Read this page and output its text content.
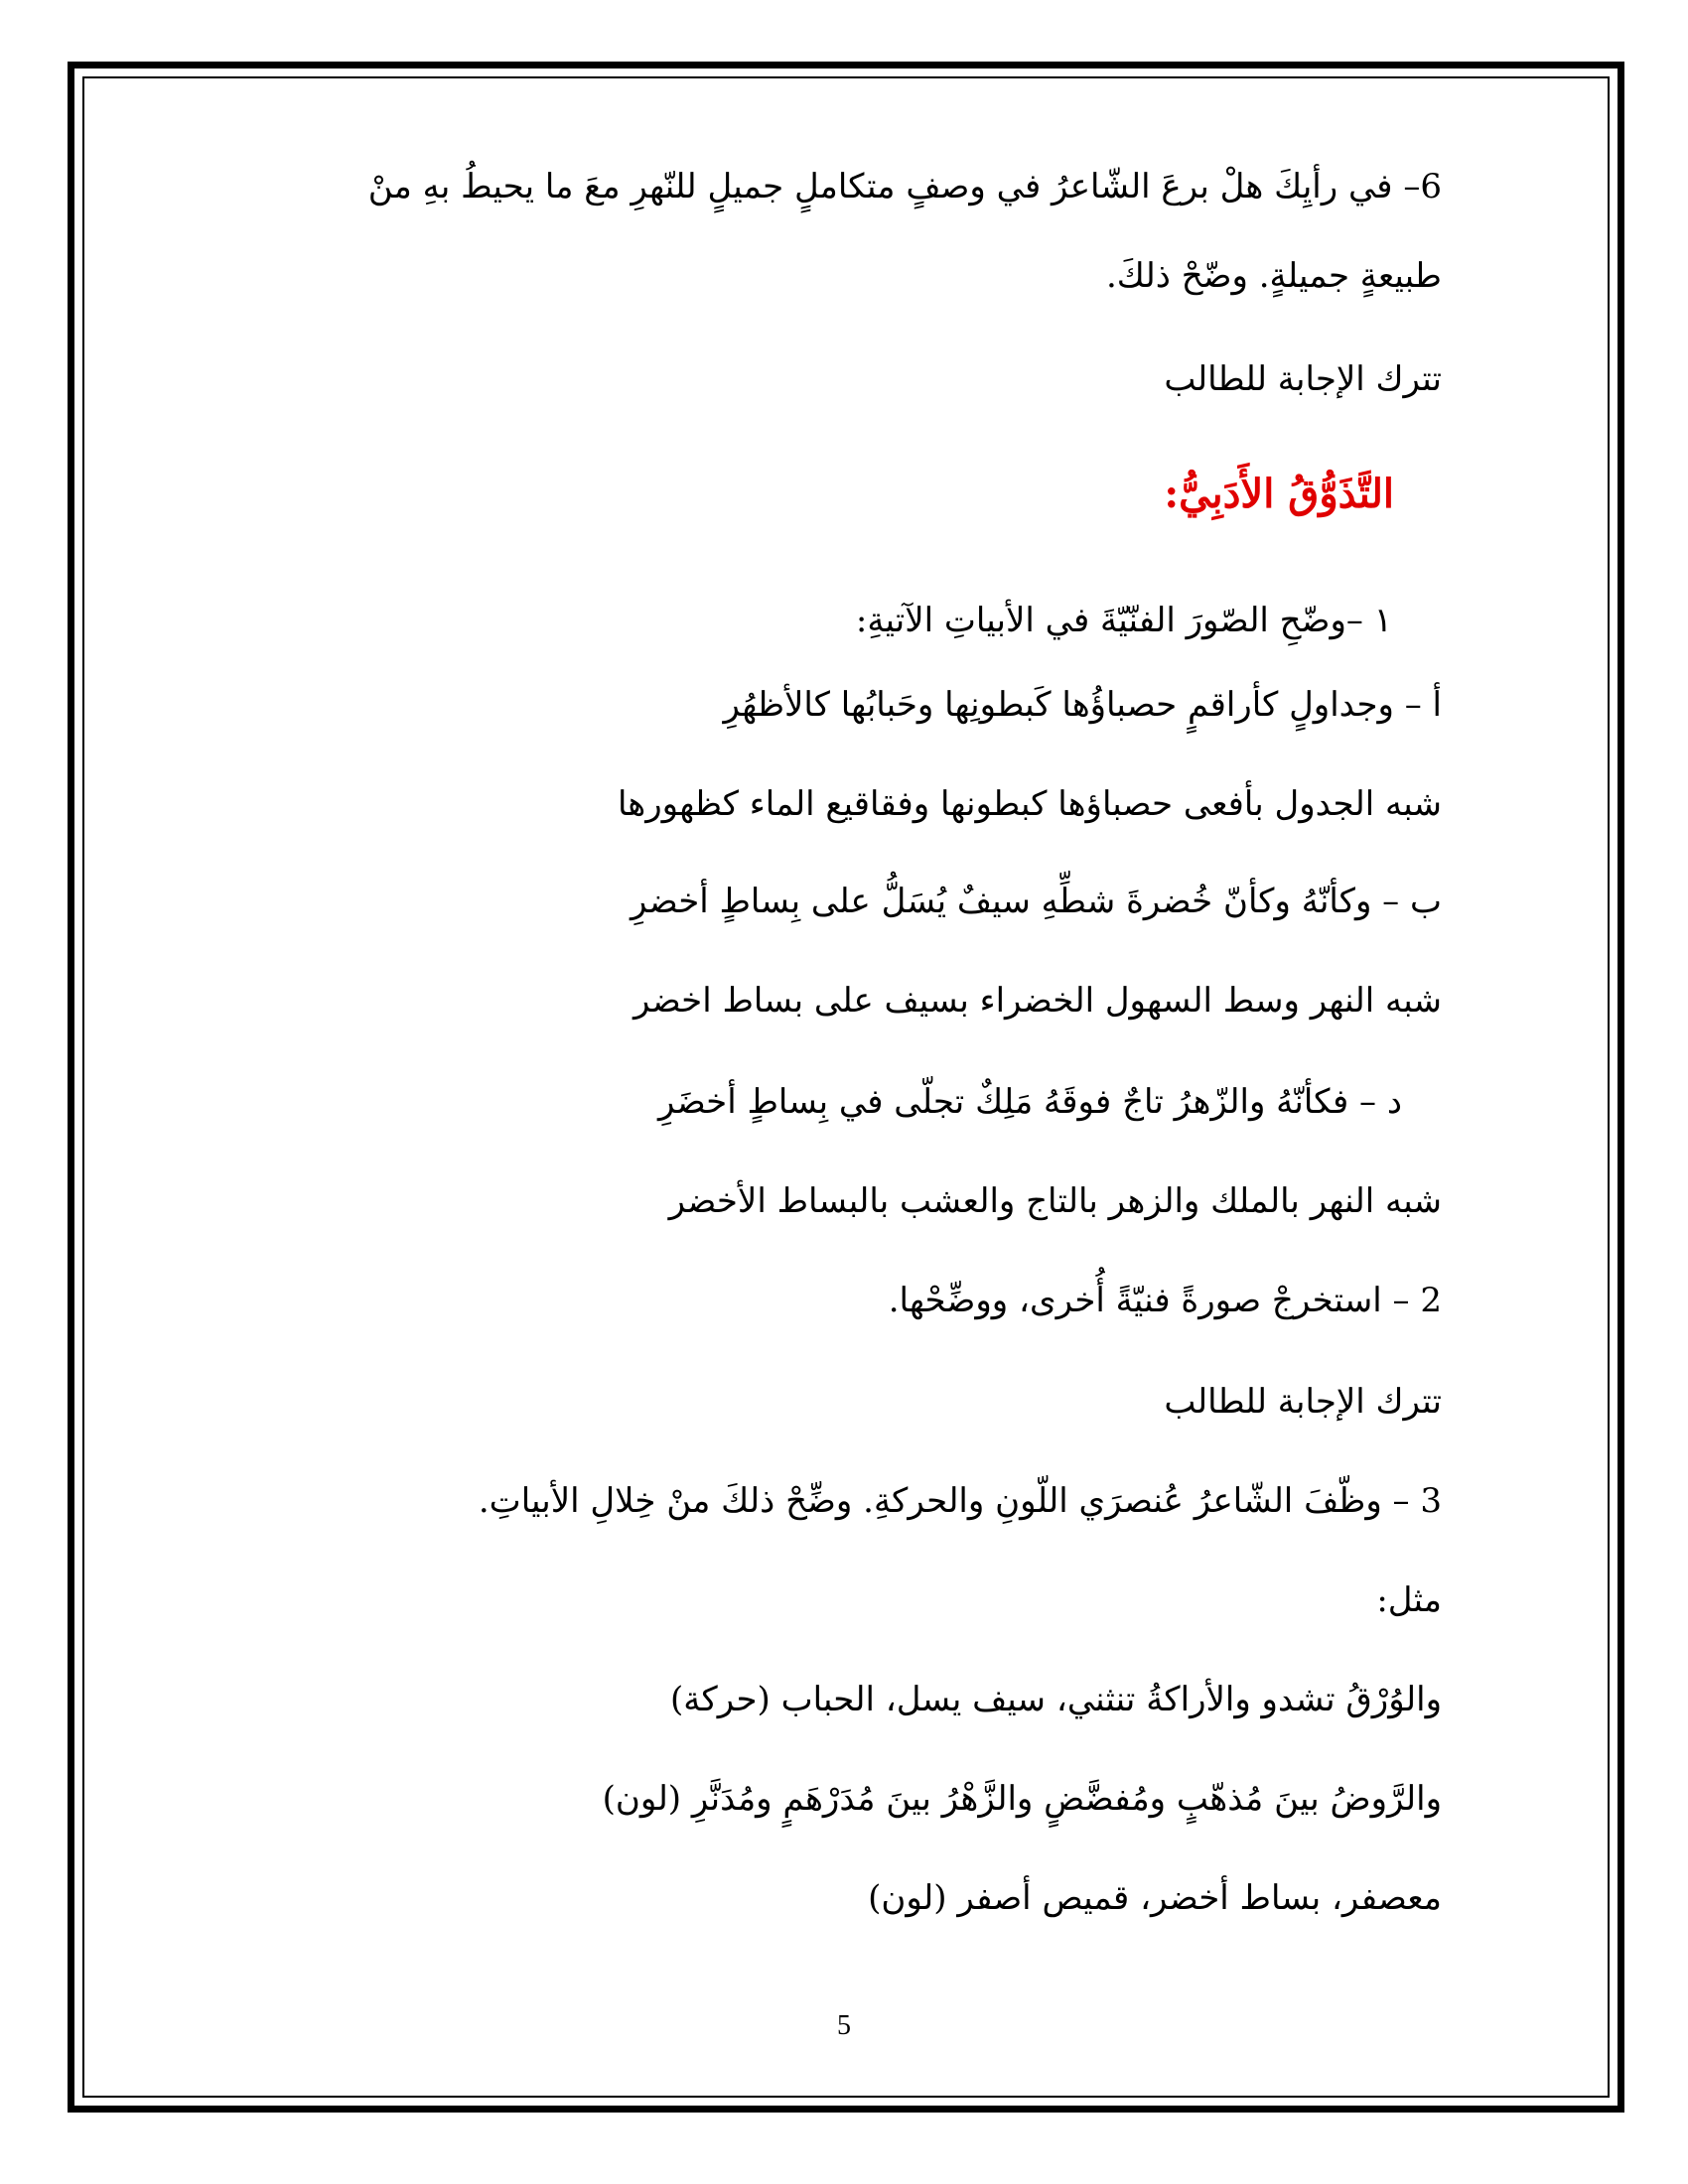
6– في رأيِكَ هلْ برعَ الشّاعرُ في وصفٍ متكاملٍ جميلٍ للنّهرِ معَ ما يحيطُ بهِ منْ

طبيعةٍ جميلةٍ. وضّحْ ذلكَ.

تترك الإجابة للطالب

التَّذَوُّقُ الأَدَبِيُّ:

١ –وضّحِ الصّورَ الفنّيّةَ في الأبياتِ الآتيةِ:

أ – وجداولٍ كأراقمٍ حصباؤُها كَبطونِها وحَبابُها كالأظهُرِ

شبه الجدول بأفعى حصباؤها كبطونها وفقاقيع الماء كظهورها

ب – وكأنّهُ وكأنّ خُضرةَ شطِّهِ سيفٌ يُسَلُّ على بِساطٍ أخضرِ

شبه النهر وسط السهول الخضراء بسيف على بساط اخضر

د – فكأنّهُ والزّهرُ تاجٌ فوقَهُ مَلِكٌ تجلّى في بِساطٍ أخضَرِ

شبه النهر بالملك والزهر بالتاج والعشب بالبساط الأخضر

2 – استخرجْ صورةً فنيّةً أُخرى، ووضِّحْها.

تترك الإجابة للطالب

3 – وظّفَ الشّاعرُ عُنصرَي اللّونِ والحركةِ. وضِّحْ ذلكَ منْ خِلالِ الأبياتِ.

مثل:

والوُرْقُ تشدو والأراكةُ تنثني، سيف يسل، الحباب (حركة)

والرَّوضُ بينَ مُذهّبٍ ومُفضَّضٍ والزَّهْرُ بينَ مُدَرْهَمٍ ومُدَنَّرِ (لون)

معصفر، بساط أخضر، قميص أصفر (لون)

5
